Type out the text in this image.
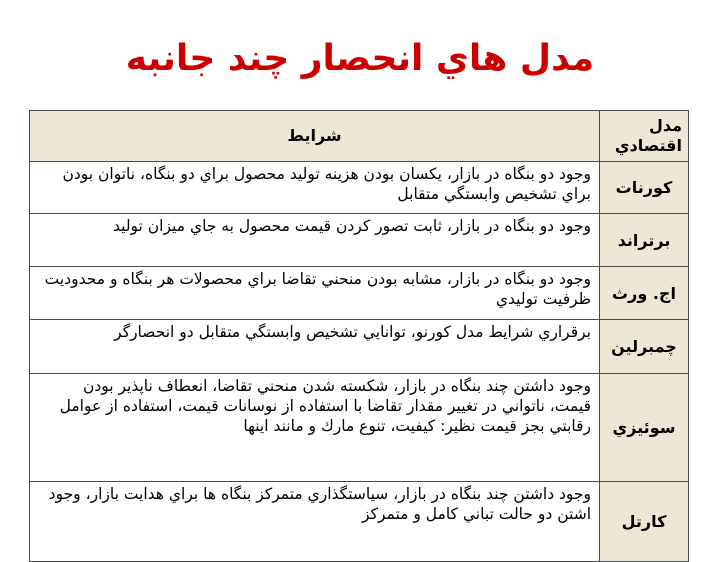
مدل هاي انحصار چند جانبه
مدل اقتصادي	شرايط
كورنات	وجود دو بنگاه در بازار، يكسان بودن هزينه توليد محصول براي دو بنگاه، ناتوان بودن براي تشخيص وابستگي متقابل
برتراند	وجود دو بنگاه در بازار، ثابت تصور كردن قيمت محصول به جاي ميزان توليد
اج. ورث	وجود دو بنگاه در بازار، مشابه بودن منحني تقاضا براي محصولات هر بنگاه و محدوديت ظرفيت توليدي
چمبرلين	برقراري شرايط مدل كورنو، توانايي تشخيص وابستگي متقابل دو انحصارگر
سوئيزي	وجود داشتن چند بنگاه در بازار، شكسته شدن منحني تقاضا، انعطاف ناپذير بودن قيمت، ناتواني در تغيير مقدار تقاضا با استفاده از نوسانات قيمت، استفاده از عوامل رقابتي بجز قيمت نظير: كيفيت، تنوع مارك و مانند اينها
كارتل	وجود داشتن چند بنگاه در بازار، سياستگذاري متمركز بنگاه ها براي هدايت بازار، وجود اشتن دو حالت تباني كامل و متمركز
